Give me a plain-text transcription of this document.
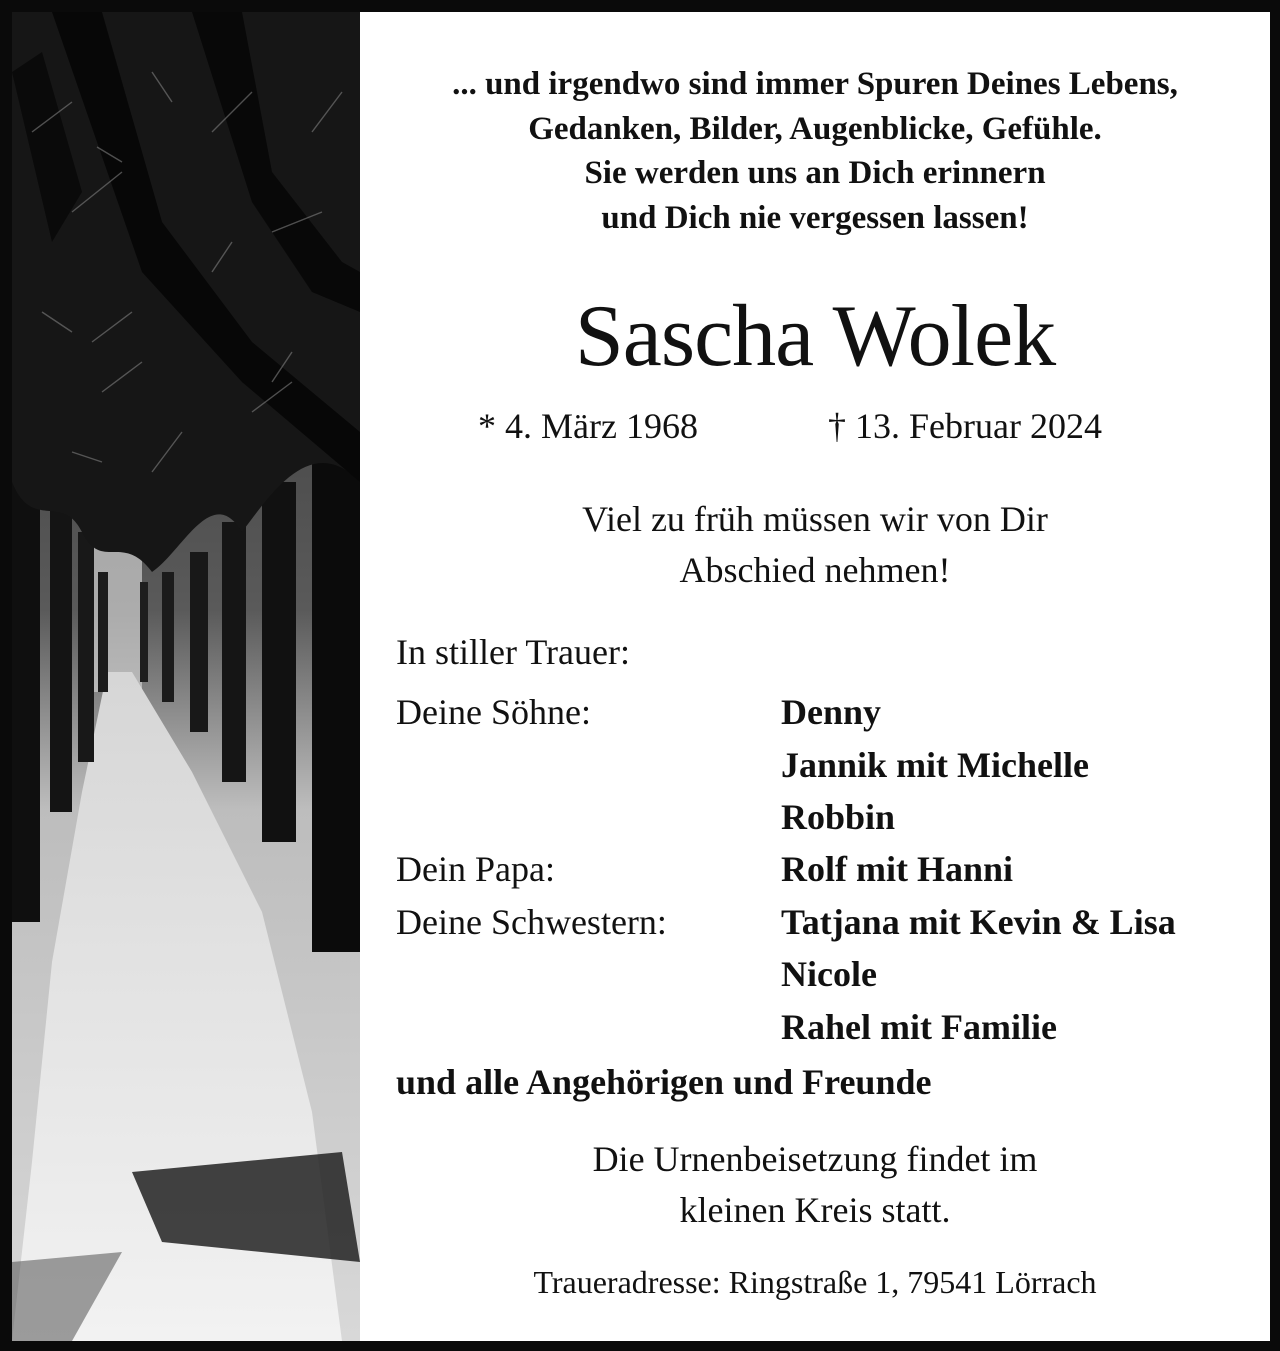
... und irgendwo sind immer Spuren Deines Lebens,
Gedanken, Bilder, Augenblicke, Gefühle.
Sie werden uns an Dich erinnern
und Dich nie vergessen lassen!
Sascha Wolek
* 4. März 1968	† 13. Februar 2024
Viel zu früh müssen wir von Dir
Abschied nehmen!
In stiller Trauer:
Deine Söhne:	Denny
Jannik mit Michelle
Robbin
Dein Papa:	Rolf mit Hanni
Deine Schwestern:	Tatjana mit Kevin & Lisa
Nicole
Rahel mit Familie
und alle Angehörigen und Freunde
Die Urnenbeisetzung findet im
kleinen Kreis statt.
Traueradresse: Ringstraße 1, 79541 Lörrach
